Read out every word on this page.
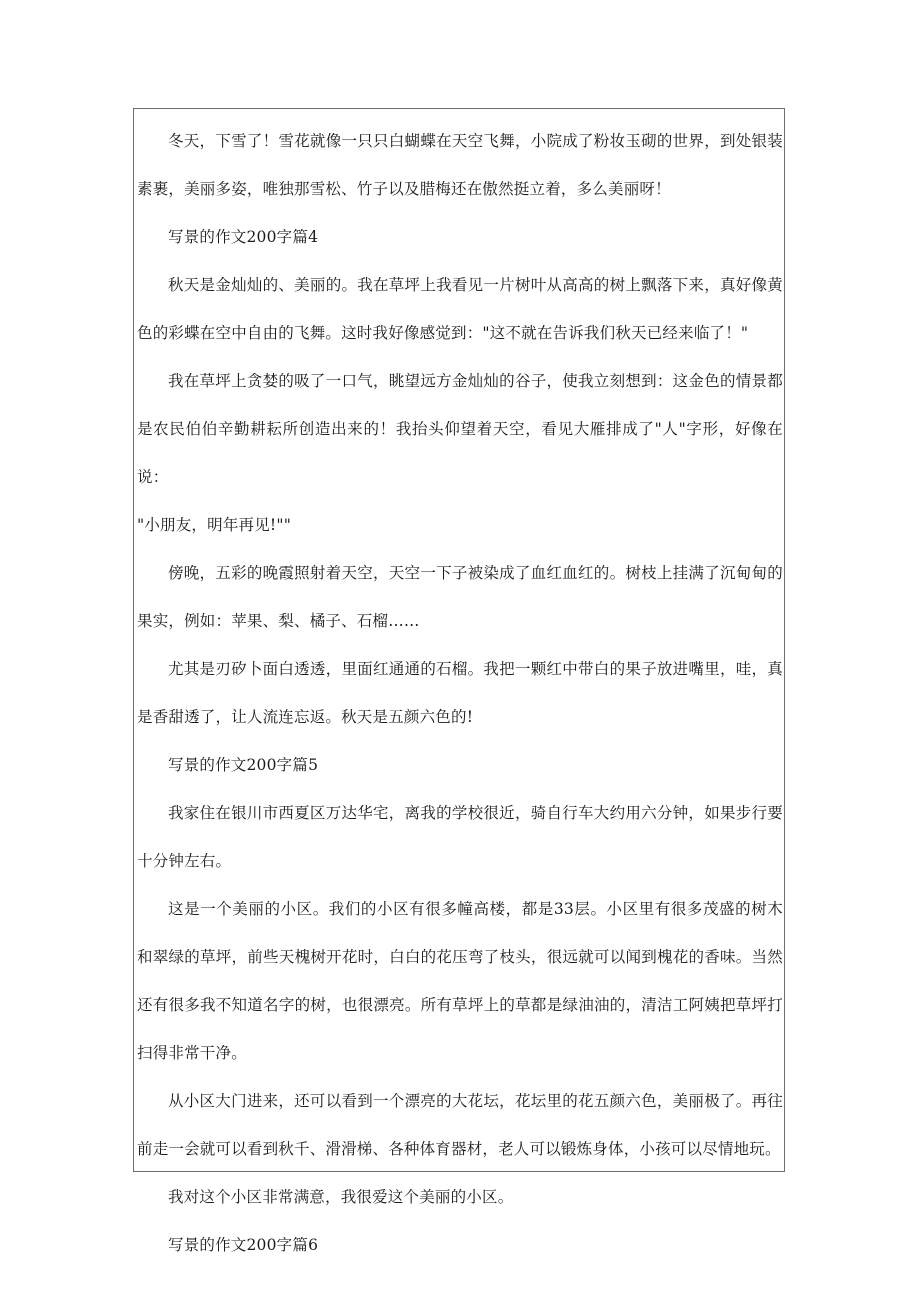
冬天，下雪了！雪花就像一只只白蝴蝶在天空飞舞，小院成了粉妆玉砌的世界，到处银装素裹，美丽多姿，唯独那雪松、竹子以及腊梅还在傲然挺立着，多么美丽呀！

写景的作文200字篇4

秋天是金灿灿的、美丽的。我在草坪上我看见一片树叶从高高的树上飘落下来，真好像黄色的彩蝶在空中自由的飞舞。这时我好像感觉到："这不就在告诉我们秋天已经来临了！"

我在草坪上贪婪的吸了一口气，眺望远方金灿灿的谷子，使我立刻想到：这金色的情景都是农民伯伯辛勤耕耘所创造出来的！我抬头仰望着天空，看见大雁排成了"人"字形，好像在说：

"小朋友，明年再见!""

傍晚，五彩的晚霞照射着天空，天空一下子被染成了血红血红的。树枝上挂满了沉甸甸的果实，例如：苹果、梨、橘子、石榴……

尤其是刃矽卜面白透透，里面红通通的石榴。我把一颗红中带白的果子放进嘴里，哇，真是香甜透了，让人流连忘返。秋天是五颜六色的!

写景的作文200字篇5

我家住在银川市西夏区万达华宅，离我的学校很近，骑自行车大约用六分钟，如果步行要十分钟左右。

这是一个美丽的小区。我们的小区有很多幢高楼，都是33层。小区里有很多茂盛的树木和翠绿的草坪，前些天槐树开花时，白白的花压弯了枝头，很远就可以闻到槐花的香味。当然还有很多我不知道名字的树，也很漂亮。所有草坪上的草都是绿油油的，清洁工阿姨把草坪打扫得非常干净。

从小区大门进来，还可以看到一个漂亮的大花坛，花坛里的花五颜六色，美丽极了。再往前走一会就可以看到秋千、滑滑梯、各种体育器材，老人可以锻炼身体，小孩可以尽情地玩。

我对这个小区非常满意，我很爱这个美丽的小区。

写景的作文200字篇6
